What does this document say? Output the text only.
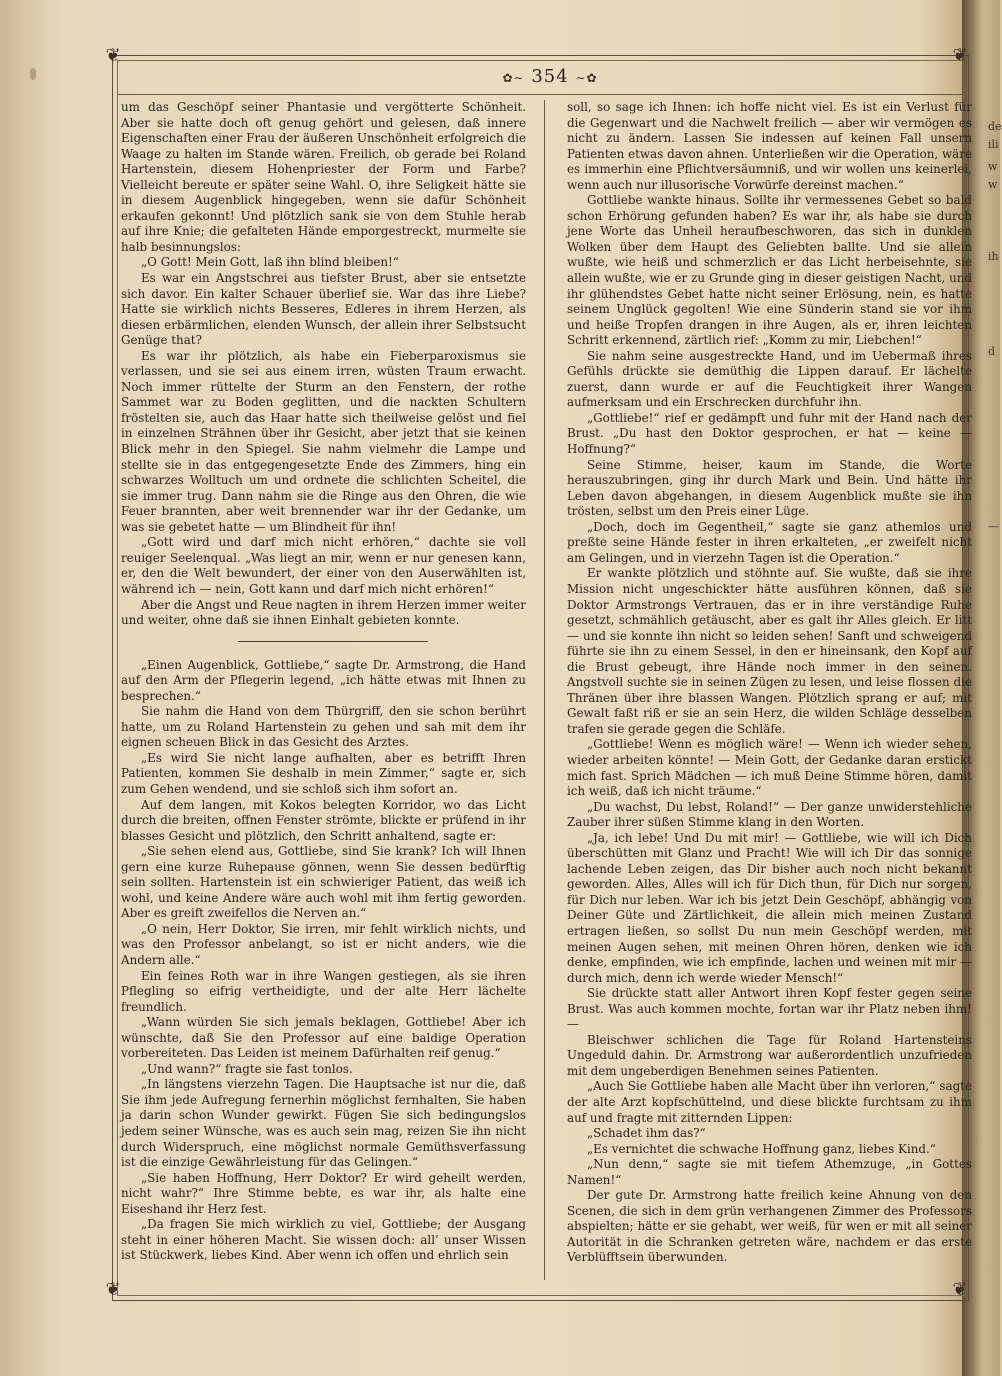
de
ili
w
w
ih
d
—
❦	❦
❦	❦
✿∼ 354 ∼✿

um das Geschöpf seiner Phantasie und vergötterte Schönheit. Aber sie hatte doch oft genug gehört und gelesen, daß innere Eigenschaften einer Frau der äußeren Unschönheit erfolgreich die Waage zu halten im Stande wären. Freilich, ob gerade bei Roland Hartenstein, diesem Hohenpriester der Form und Farbe? Vielleicht bereute er später seine Wahl. O, ihre Seligkeit hätte sie in diesem Augenblick hingegeben, wenn sie dafür Schönheit erkaufen gekonnt! Und plötzlich sank sie von dem Stuhle herab auf ihre Knie; die gefalteten Hände emporgestreckt, murmelte sie halb besinnungslos:

„O Gott! Mein Gott, laß ihn blind bleiben!“

Es war ein Angstschrei aus tiefster Brust, aber sie entsetzte sich davor. Ein kalter Schauer überlief sie. War das ihre Liebe? Hatte sie wirklich nichts Besseres, Edleres in ihrem Herzen, als diesen erbärmlichen, elenden Wunsch, der allein ihrer Selbstsucht Genüge that?

Es war ihr plötzlich, als habe ein Fieberparoxismus sie verlassen, und sie sei aus einem irren, wüsten Traum erwacht. Noch immer rüttelte der Sturm an den Fenstern, der rothe Sammet war zu Boden geglitten, und die nackten Schultern fröstelten sie, auch das Haar hatte sich theilweise gelöst und fiel in einzelnen Strähnen über ihr Gesicht, aber jetzt that sie keinen Blick mehr in den Spiegel. Sie nahm vielmehr die Lampe und stellte sie in das entgegengesetzte Ende des Zimmers, hing ein schwarzes Wolltuch um und ordnete die schlichten Scheitel, die sie immer trug. Dann nahm sie die Ringe aus den Ohren, die wie Feuer brannten, aber weit brennender war ihr der Gedanke, um was sie gebetet hatte — um Blindheit für ihn!

„Gott wird und darf mich nicht erhören,“ dachte sie voll reuiger Seelenqual. „Was liegt an mir, wenn er nur genesen kann, er, den die Welt bewundert, der einer von den Auserwählten ist, während ich — nein, Gott kann und darf mich nicht erhören!“

Aber die Angst und Reue nagten in ihrem Herzen immer weiter und weiter, ohne daß sie ihnen Einhalt gebieten konnte.

„Einen Augenblick, Gottliebe,“ sagte Dr. Armstrong, die Hand auf den Arm der Pflegerin legend, „ich hätte etwas mit Ihnen zu besprechen.“

Sie nahm die Hand von dem Thürgriff, den sie schon berührt hatte, um zu Roland Hartenstein zu gehen und sah mit dem ihr eignen scheuen Blick in das Gesicht des Arztes.

„Es wird Sie nicht lange aufhalten, aber es betrifft Ihren Patienten, kommen Sie deshalb in mein Zimmer,“ sagte er, sich zum Gehen wendend, und sie schloß sich ihm sofort an.

Auf dem langen, mit Kokos belegten Korridor, wo das Licht durch die breiten, offnen Fenster strömte, blickte er prüfend in ihr blasses Gesicht und plötzlich, den Schritt anhaltend, sagte er:

„Sie sehen elend aus, Gottliebe, sind Sie krank? Ich will Ihnen gern eine kurze Ruhepause gönnen, wenn Sie dessen bedürftig sein sollten. Hartenstein ist ein schwieriger Patient, das weiß ich wohl, und keine Andere wäre auch wohl mit ihm fertig geworden. Aber es greift zweifellos die Nerven an.“

„O nein, Herr Doktor, Sie irren, mir fehlt wirklich nichts, und was den Professor anbelangt, so ist er nicht anders, wie die Andern alle.“

Ein feines Roth war in ihre Wangen gestiegen, als sie ihren Pflegling so eifrig vertheidigte, und der alte Herr lächelte freundlich.

„Wann würden Sie sich jemals beklagen, Gottliebe! Aber ich wünschte, daß Sie den Professor auf eine baldige Operation vorbereiteten. Das Leiden ist meinem Dafürhalten reif genug.“

„Und wann?“ fragte sie fast tonlos.

„In längstens vierzehn Tagen. Die Hauptsache ist nur die, daß Sie ihm jede Aufregung fernerhin möglichst fernhalten, Sie haben ja darin schon Wunder gewirkt. Fügen Sie sich bedingungslos jedem seiner Wünsche, was es auch sein mag, reizen Sie ihn nicht durch Widerspruch, eine möglichst normale Gemüthsverfassung ist die einzige Gewährleistung für das Gelingen.“

„Sie haben Hoffnung, Herr Doktor? Er wird geheilt werden, nicht wahr?“ Ihre Stimme bebte, es war ihr, als halte eine Eiseshand ihr Herz fest.

„Da fragen Sie mich wirklich zu viel, Gottliebe; der Ausgang steht in einer höheren Macht. Sie wissen doch: all’ unser Wissen ist Stückwerk, liebes Kind. Aber wenn ich offen und ehrlich sein

soll, so sage ich Ihnen: ich hoffe nicht viel. Es ist ein Verlust für die Gegenwart und die Nachwelt freilich — aber wir vermögen es nicht zu ändern. Lassen Sie indessen auf keinen Fall unsern Patienten etwas davon ahnen. Unterließen wir die Operation, wäre es immerhin eine Pflichtversäumniß, und wir wollen uns keinerlei, wenn auch nur illusorische Vorwürfe dereinst machen.“

Gottliebe wankte hinaus. Sollte ihr vermessenes Gebet so bald schon Erhörung gefunden haben? Es war ihr, als habe sie durch jene Worte das Unheil heraufbeschworen, das sich in dunklen Wolken über dem Haupt des Geliebten ballte. Und sie allein wußte, wie heiß und schmerzlich er das Licht herbeisehnte, sie allein wußte, wie er zu Grunde ging in dieser geistigen Nacht, und ihr glühendstes Gebet hatte nicht seiner Erlösung, nein, es hatte seinem Unglück gegolten! Wie eine Sünderin stand sie vor ihm und heiße Tropfen drangen in ihre Augen, als er, ihren leichten Schritt erkennend, zärtlich rief: „Komm zu mir, Liebchen!“

Sie nahm seine ausgestreckte Hand, und im Uebermaß ihres Gefühls drückte sie demüthig die Lippen darauf. Er lächelte zuerst, dann wurde er auf die Feuchtigkeit ihrer Wangen aufmerksam und ein Erschrecken durchfuhr ihn.

„Gottliebe!“ rief er gedämpft und fuhr mit der Hand nach der Brust. „Du hast den Doktor gesprochen, er hat — keine — Hoffnung?“

Seine Stimme, heiser, kaum im Stande, die Worte herauszubringen, ging ihr durch Mark und Bein. Und hätte ihr Leben davon abgehangen, in diesem Augenblick mußte sie ihn trösten, selbst um den Preis einer Lüge.

„Doch, doch im Gegentheil,“ sagte sie ganz athemlos und preßte seine Hände fester in ihren erkalteten, „er zweifelt nicht am Gelingen, und in vierzehn Tagen ist die Operation.“

Er wankte plötzlich und stöhnte auf. Sie wußte, daß sie ihre Mission nicht ungeschickter hätte ausführen können, daß sie Doktor Armstrongs Vertrauen, das er in ihre verständige Ruhe gesetzt, schmählich getäuscht, aber es galt ihr Alles gleich. Er litt — und sie konnte ihn nicht so leiden sehen! Sanft und schweigend führte sie ihn zu einem Sessel, in den er hineinsank, den Kopf auf die Brust gebeugt, ihre Hände noch immer in den seinen. Angstvoll suchte sie in seinen Zügen zu lesen, und leise flossen die Thränen über ihre blassen Wangen. Plötzlich sprang er auf; mit Gewalt faßt riß er sie an sein Herz, die wilden Schläge desselben trafen sie gerade gegen die Schläfe.

„Gottliebe! Wenn es möglich wäre! — Wenn ich wieder sehen, wieder arbeiten könnte! — Mein Gott, der Gedanke daran erstickt mich fast. Sprich Mädchen — ich muß Deine Stimme hören, damit ich weiß, daß ich nicht träume.“

„Du wachst, Du lebst, Roland!“ — Der ganze unwiderstehliche Zauber ihrer süßen Stimme klang in den Worten.

„Ja, ich lebe! Und Du mit mir! — Gottliebe, wie will ich Dich überschütten mit Glanz und Pracht! Wie will ich Dir das sonnige lachende Leben zeigen, das Dir bisher auch noch nicht bekannt geworden. Alles, Alles will ich für Dich thun, für Dich nur sorgen, für Dich nur leben. War ich bis jetzt Dein Geschöpf, abhängig von Deiner Güte und Zärtlichkeit, die allein mich meinen Zustand ertragen ließen, so sollst Du nun mein Geschöpf werden, mit meinen Augen sehen, mit meinen Ohren hören, denken wie ich denke, empfinden, wie ich empfinde, lachen und weinen mit mir — durch mich, denn ich werde wieder Mensch!“

Sie drückte statt aller Antwort ihren Kopf fester gegen seine Brust. Was auch kommen mochte, fortan war ihr Platz neben ihm! —

Bleischwer schlichen die Tage für Roland Hartensteins Ungeduld dahin. Dr. Armstrong war außerordentlich unzufrieden mit dem ungeberdigen Benehmen seines Patienten.

„Auch Sie Gottliebe haben alle Macht über ihn verloren,“ sagte der alte Arzt kopfschüttelnd, und diese blickte furchtsam zu ihm auf und fragte mit zitternden Lippen:

„Schadet ihm das?“

„Es vernichtet die schwache Hoffnung ganz, liebes Kind.“

„Nun denn,“ sagte sie mit tiefem Athemzuge, „in Gottes Namen!“

Der gute Dr. Armstrong hatte freilich keine Ahnung von den Scenen, die sich in dem grün verhangenen Zimmer des Professors abspielten; hätte er sie gehabt, wer weiß, für wen er mit all seiner Autorität in die Schranken getreten wäre, nachdem er das erste Verblüfftsein überwunden.
